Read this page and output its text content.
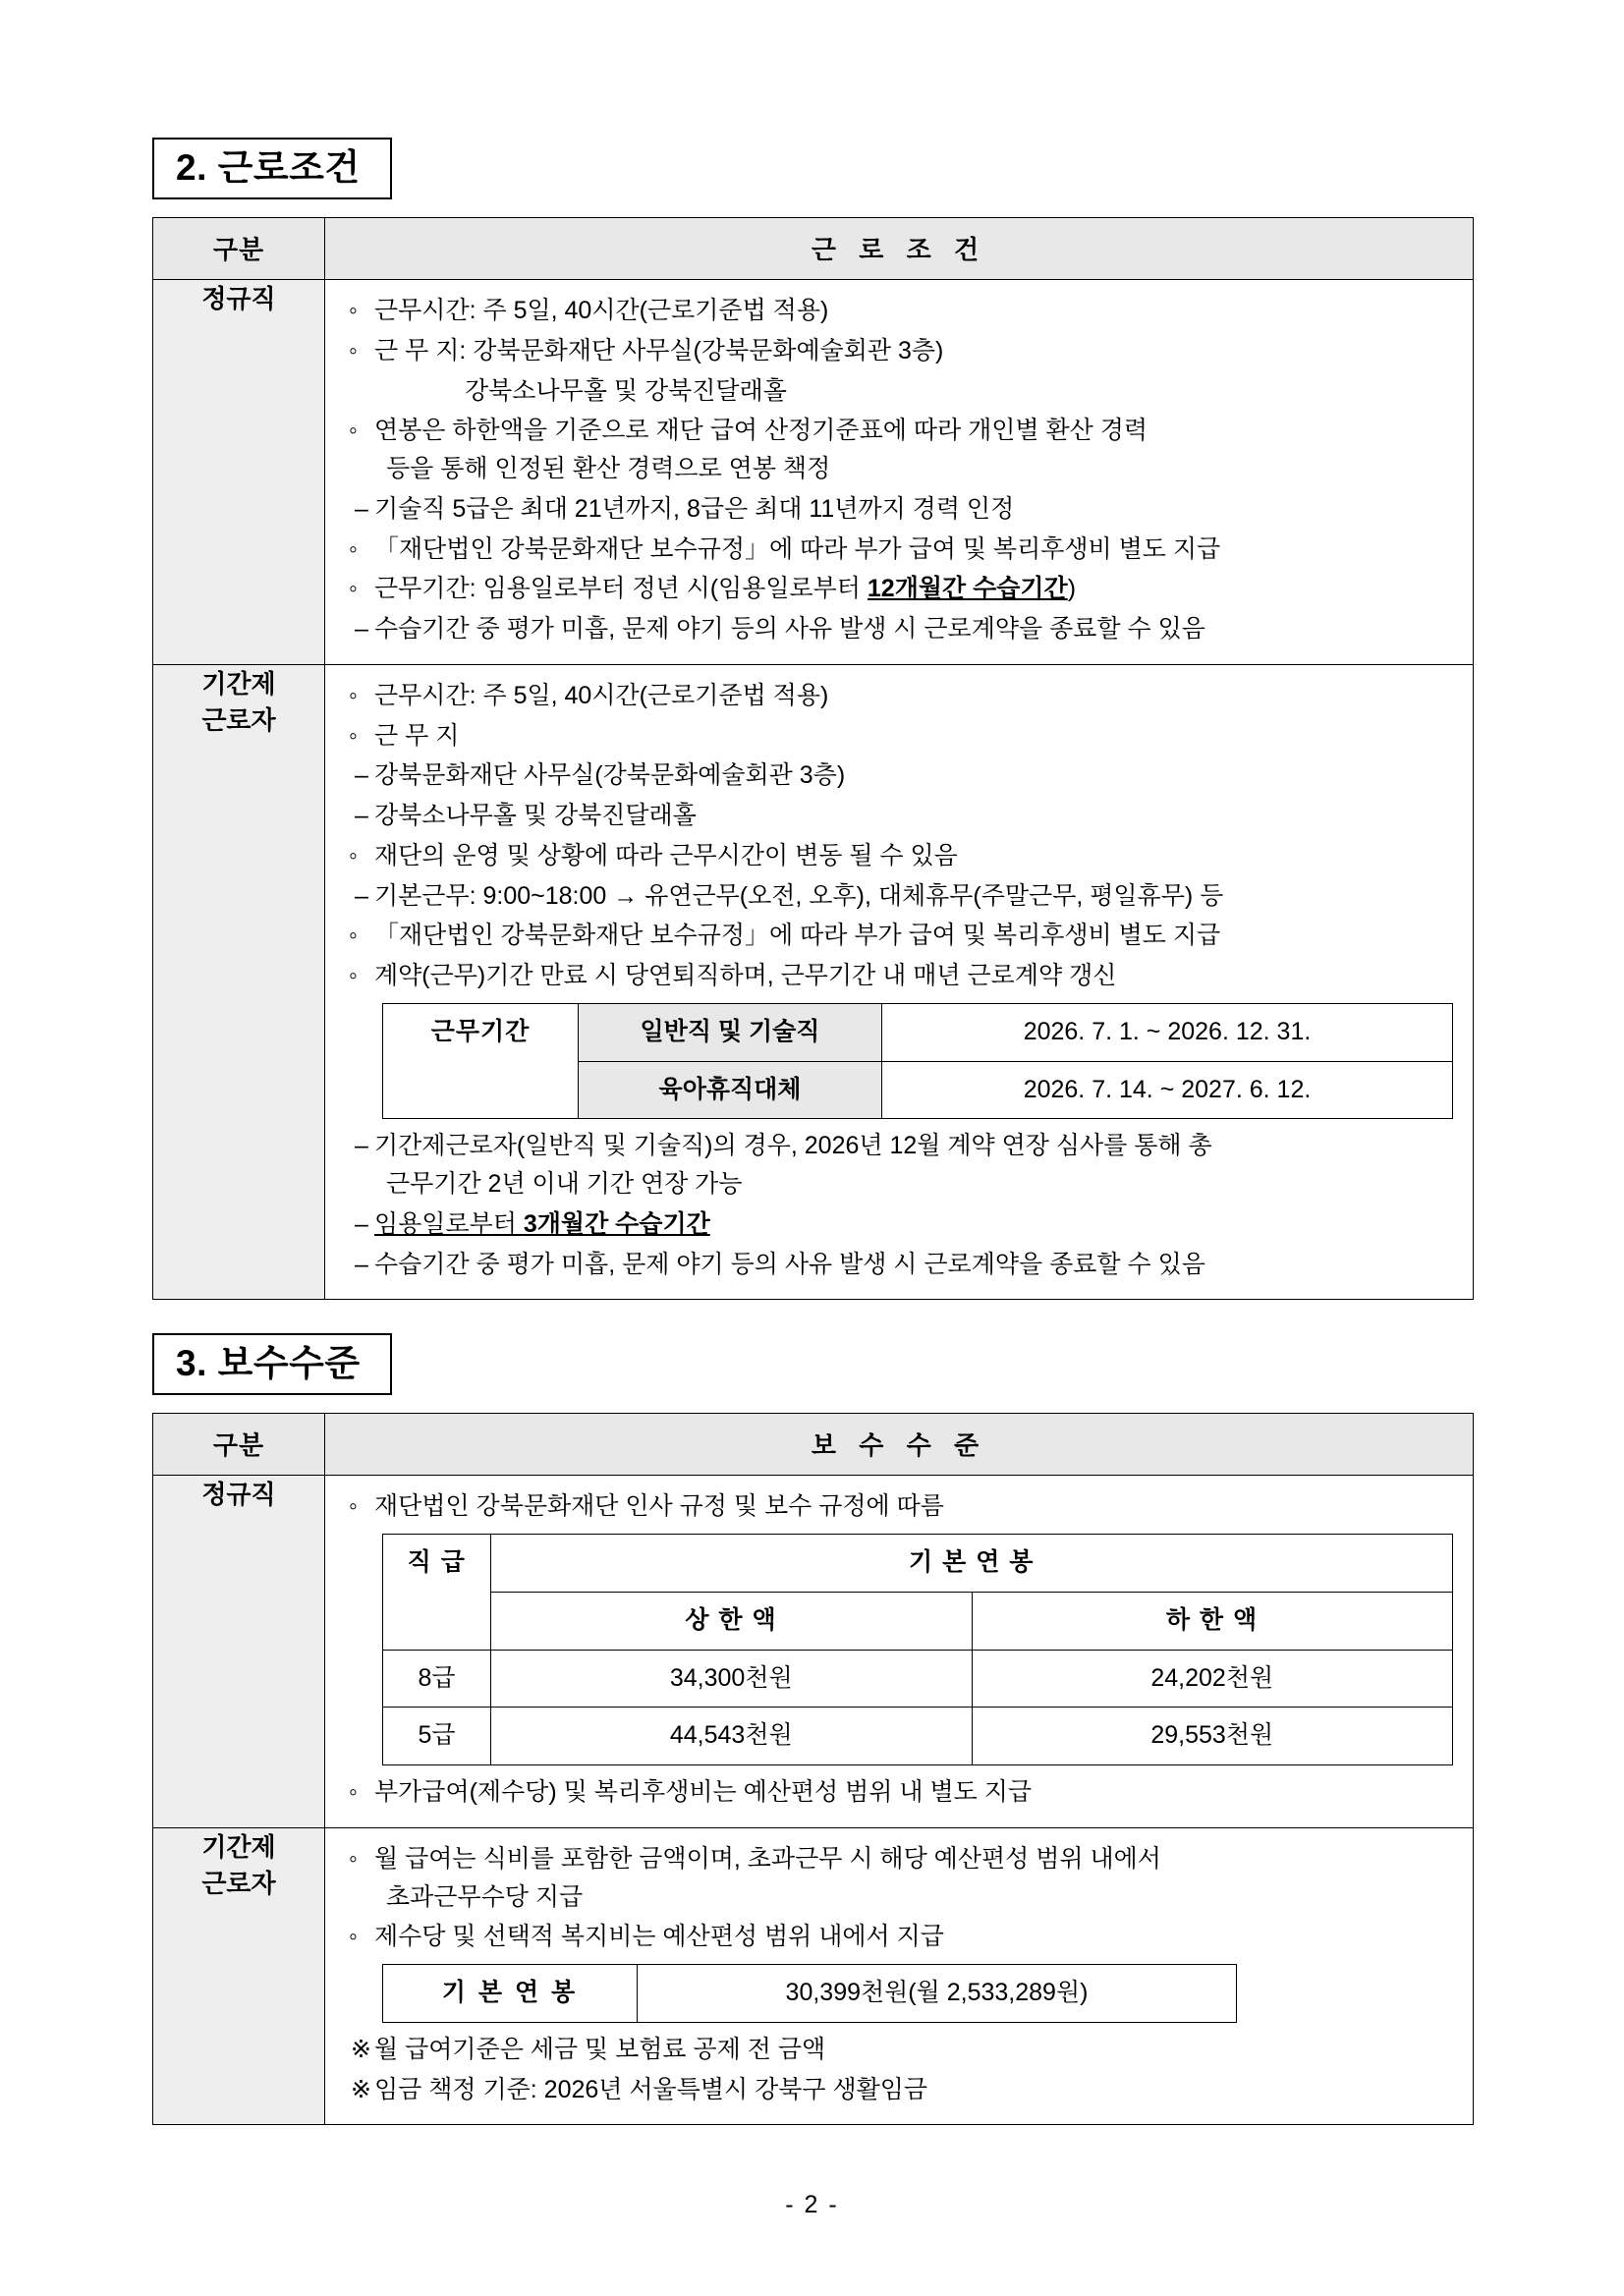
2. 근로조건
구분	근 로 조 건
정규직	
◦근무시간: 주 5일, 40시간(근로기준법 적용)
◦ 근 무 지: 강북문화재단 사무실(강북문화예술회관 3층)
강북소나무홀 및 강북진달래홀
◦ 연봉은 하한액을 기준으로 재단 급여 산정기준표에 따라 개인별 환산 경력
등을 통해 인정된 환산 경력으로 연봉 책정
– 기술직 5급은 최대 21년까지, 8급은 최대 11년까지 경력 인정
◦ 「재단법인 강북문화재단 보수규정」에 따라 부가 급여 및 복리후생비 별도 지급
◦ 근무기간: 임용일로부터 정년 시(임용일로부터 12개월간 수습기간)
– 수습기간 중 평가 미흡, 문제 야기 등의 사유 발생 시 근로계약을 종료할 수 있음

기간제
근로자	
◦ 근무시간: 주 5일, 40시간(근로기준법 적용)
◦ 근 무 지
– 강북문화재단 사무실(강북문화예술회관 3층)
– 강북소나무홀 및 강북진달래홀
◦ 재단의 운영 및 상황에 따라 근무시간이 변동 될 수 있음
– 기본근무: 9:00~18:00 → 유연근무(오전, 오후), 대체휴무(주말근무, 평일휴무) 등
◦ 「재단법인 강북문화재단 보수규정」에 따라 부가 급여 및 복리후생비 별도 지급
◦ 계약(근무)기간 만료 시 당연퇴직하며, 근무기간 내 매년 근로계약 갱신
근무기간	일반직 및 기술직	2026. 7. 1. ~ 2026. 12. 31.
육아휴직대체	2026. 7. 14. ~ 2027. 6. 12.
– 기간제근로자(일반직 및 기술직)의 경우, 2026년 12월 계약 연장 심사를 통해 총
근무기간 2년 이내 기간 연장 가능
– 임용일로부터 3개월간 수습기간
– 수습기간 중 평가 미흡, 문제 야기 등의 사유 발생 시 근로계약을 종료할 수 있음
3. 보수수준
구분	보 수 수 준
정규직	
◦재단법인 강북문화재단 인사 규정 및 보수 규정에 따름
직 급	기 본 연 봉
상 한 액	하 한 액
8급	34,300천원	24,202천원
5급	44,543천원	29,553천원
◦ 부가급여(제수당) 및 복리후생비는 예산편성 범위 내 별도 지급

기간제
근로자	
◦ 월 급여는 식비를 포함한 금액이며, 초과근무 시 해당 예산편성 범위 내에서
초과근무수당 지급
◦ 제수당 및 선택적 복지비는 예산편성 범위 내에서 지급
기 본 연 봉	30,399천원(월 2,533,289원)
※ 월 급여기준은 세금 및 보험료 공제 전 금액
※ 임금 책정 기준: 2026년 서울특별시 강북구 생활임금
- 2 -
